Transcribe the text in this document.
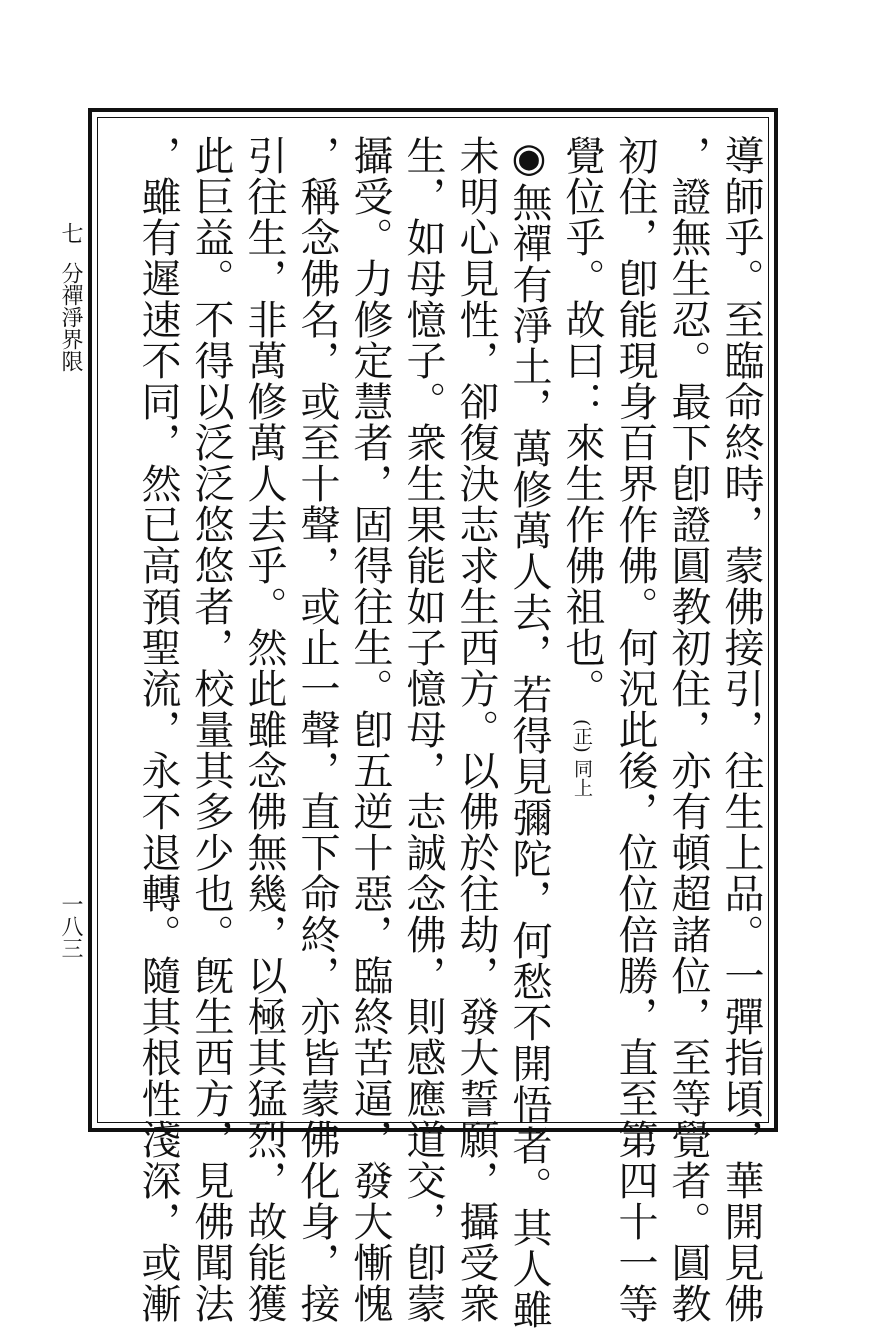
導師乎。至臨命終時，蒙佛接引，往生上品。一彈指頃，華開見佛
，證無生忍。最下卽證圓教初住，亦有頓超諸位，至等覺者。圓教
初住，卽能現身百界作佛。何況此後，位位倍勝，直至第四十一等
覺位乎。故曰：來生作佛祖也。(正) 同上
◉無禪有淨土，萬修萬人去，若得見彌陀，何愁不開悟者。其人雖
未明心見性，卻復決志求生西方。以佛於往劫，發大誓願，攝受衆
生，如母憶子。衆生果能如子憶母，志誠念佛，則感應道交，卽蒙
攝受。力修定慧者，固得往生。卽五逆十惡，臨終苦逼，發大慚愧
，稱念佛名，或至十聲，或止一聲，直下命終，亦皆蒙佛化身，接
引往生，非萬修萬人去乎。然此雖念佛無幾，以極其猛烈，故能獲
此巨益。不得以泛泛悠悠者，校量其多少也。旣生西方，見佛聞法
，雖有遲速不同，然已高預聖流，永不退轉。隨其根性淺深，或漸
七
分禪淨界限
一八三
